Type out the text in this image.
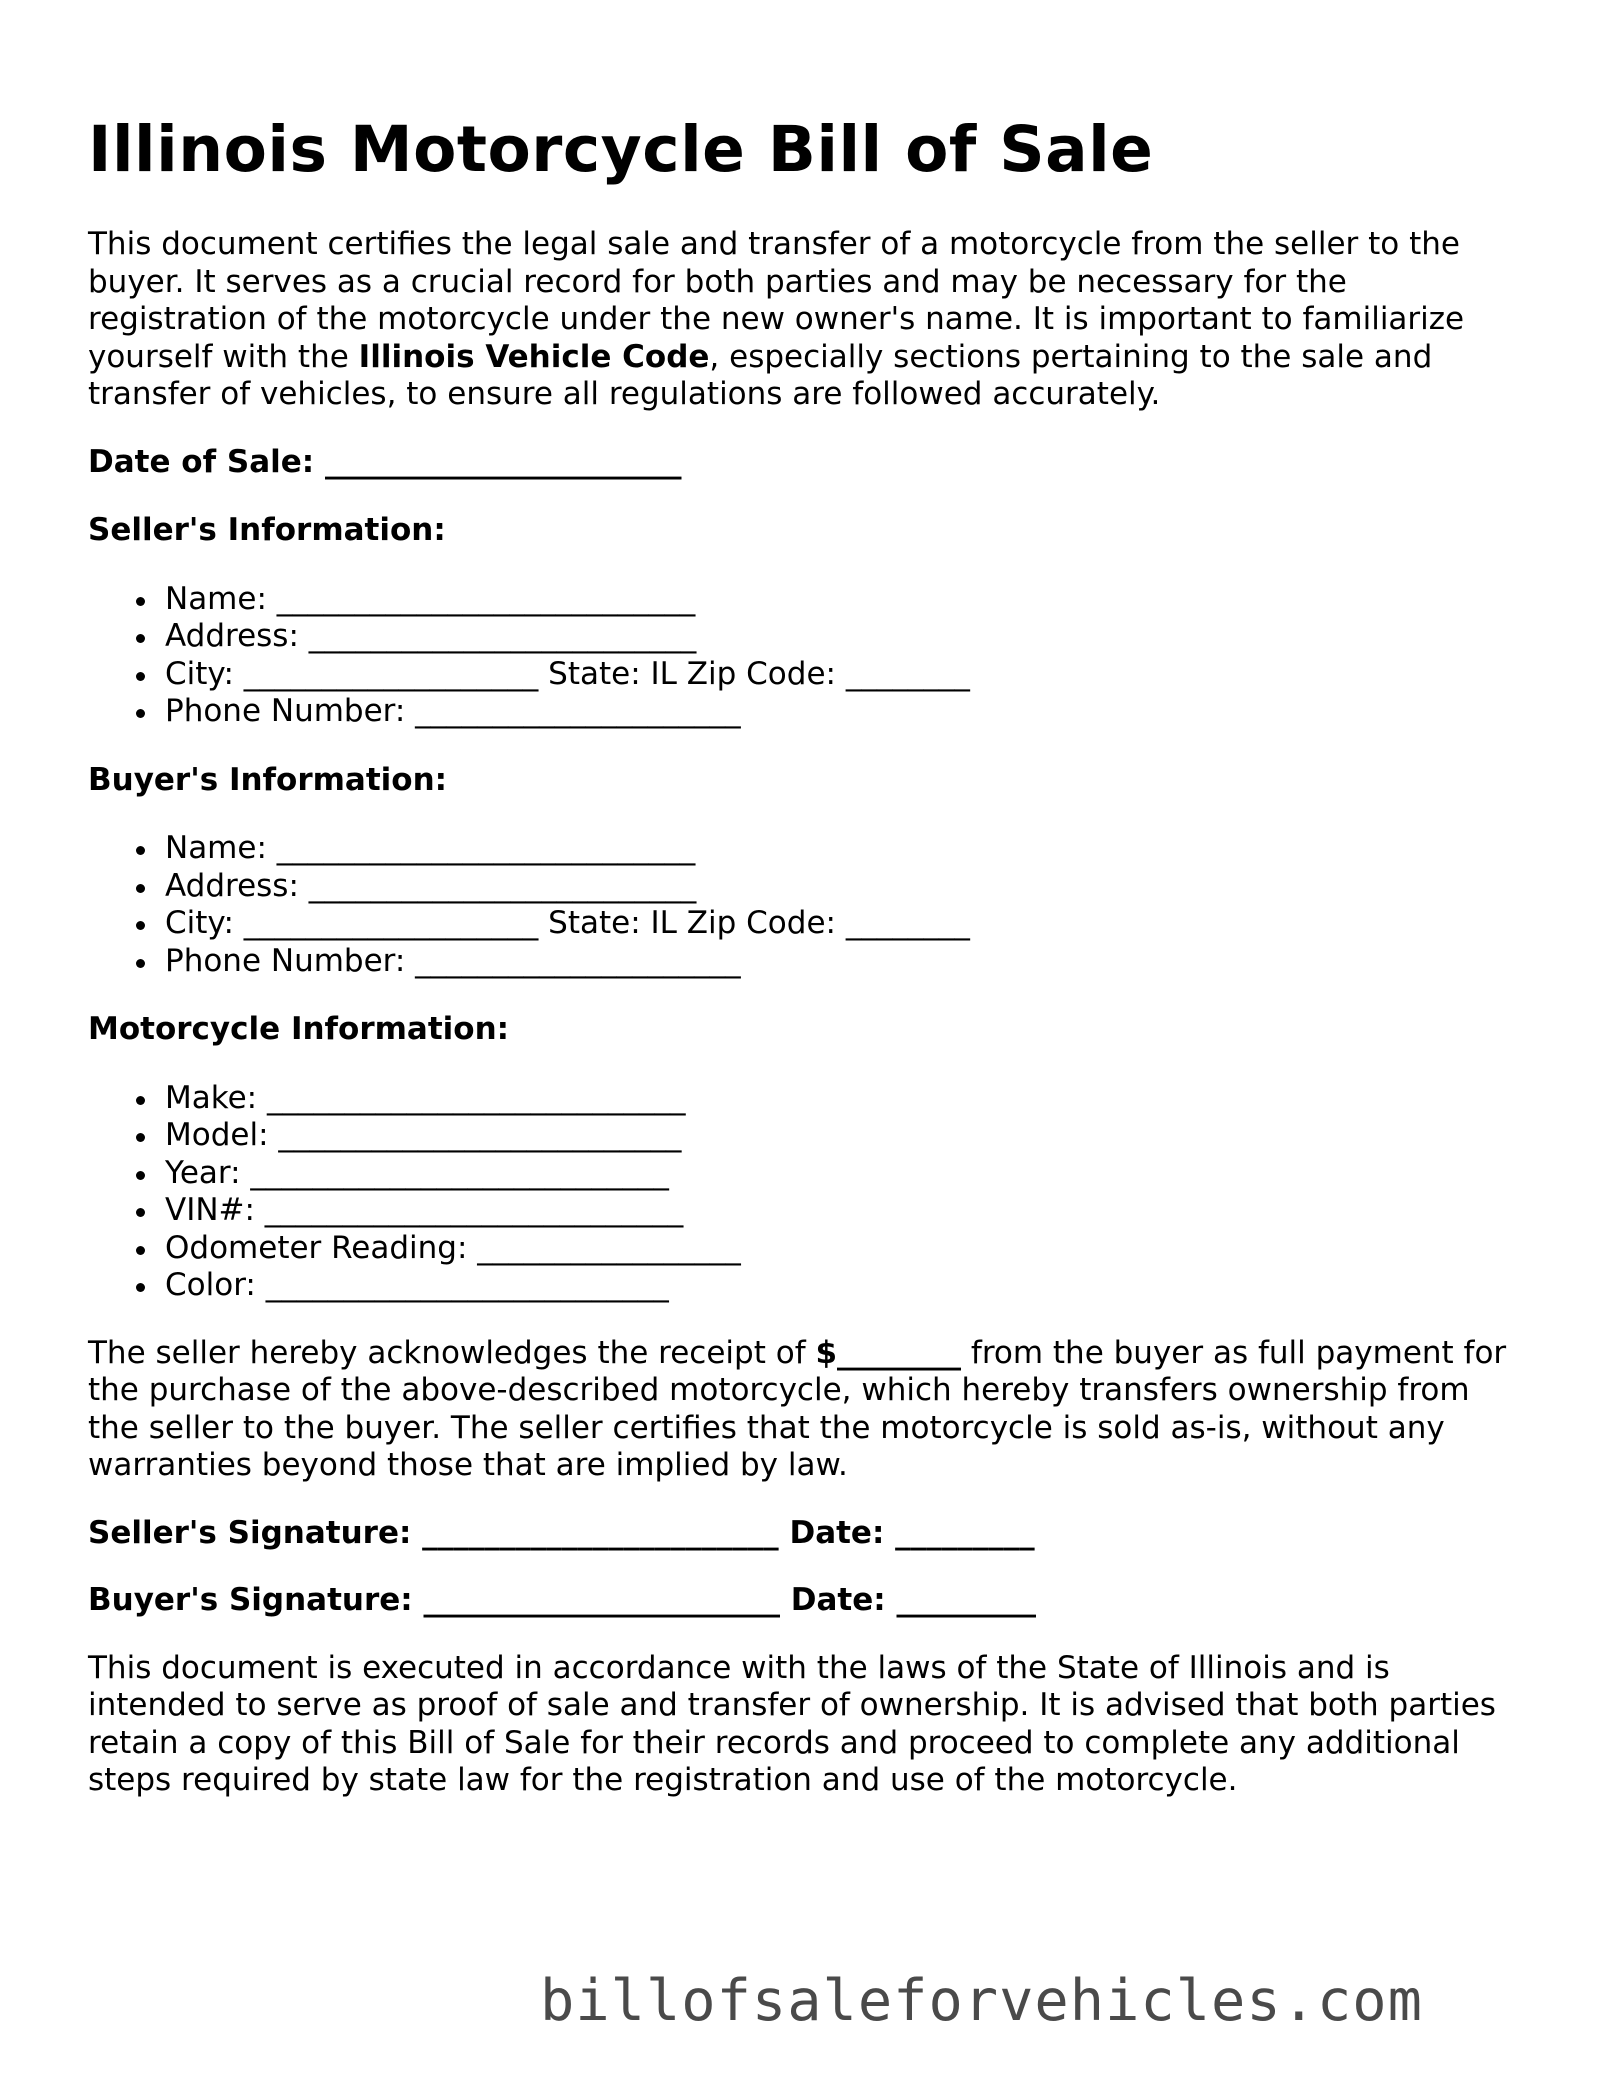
Illinois Motorcycle Bill of Sale

This document certifies the legal sale and transfer of a motorcycle from the seller to the buyer. It serves as a crucial record for both parties and may be necessary for the registration of the motorcycle under the new owner's name. It is important to familiarize yourself with the Illinois Vehicle Code, especially sections pertaining to the sale and transfer of vehicles, to ensure all regulations are followed accurately.

Date of Sale: _______________________
Seller's Information:
Name: ___________________________
Address: _________________________
City: ___________________ State: IL Zip Code: ________
Phone Number: _____________________
Buyer's Information:
Name: ___________________________
Address: _________________________
City: ___________________ State: IL Zip Code: ________
Phone Number: _____________________
Motorcycle Information:
Make: ___________________________
Model: __________________________
Year: ___________________________
VIN#: ___________________________
Odometer Reading: _________________
Color: __________________________

The seller hereby acknowledges the receipt of $________ from the buyer as full payment for the purchase of the above-described motorcycle, which hereby transfers ownership from the seller to the buyer. The seller certifies that the motorcycle is sold as-is, without any warranties beyond those that are implied by law.

Seller's Signature: _______________________ Date: _________
Buyer's Signature: _______________________ Date: _________

This document is executed in accordance with the laws of the State of Illinois and is intended to serve as proof of sale and transfer of ownership. It is advised that both parties retain a copy of this Bill of Sale for their records and proceed to complete any additional steps required by state law for the registration and use of the motorcycle.

billofsaleforvehicles.com
